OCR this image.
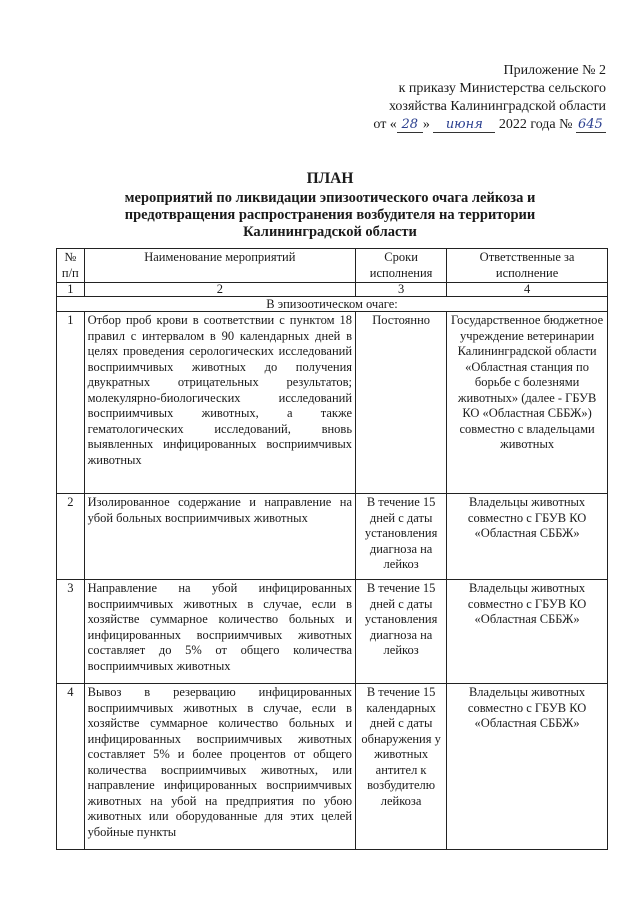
Приложение № 2
к приказу Министерства сельского
хозяйства Калининградской области
от « 28 » июня 2022 года № 645
ПЛАН
мероприятий по ликвидации эпизоотического очага лейкоза и
предотвращения распространения возбудителя на территории
Калининградской области
№ п/п	Наименование мероприятий	Сроки исполнения	Ответственные за исполнение
1	2	3	4
В эпизоотическом очаге:			
1	Отбор проб крови в соответствии с пунктом 18 правил с интервалом в 90 календарных дней в целях проведения серологических исследований восприимчивых животных до получения двукратных отрицательных результатов; молекулярно-биологических исследований восприимчивых животных, а также гематологических исследований, вновь выявленных инфицированных восприимчивых животных	Постоянно	Государственное бюджетное учреждение ветеринарии Калининградской области «Областная станция по борьбе с болезнями животных» (далее - ГБУВ КО «Областная СББЖ») совместно с владельцами животных
2	Изолированное содержание и направление на убой больных восприимчивых животных	В течение 15 дней с даты установления диагноза на лейкоз	Владельцы животных совместно с ГБУВ КО «Областная СББЖ»
3	Направление на убой инфицированных восприимчивых животных в случае, если в хозяйстве суммарное количество больных и инфицированных восприимчивых животных составляет до 5% от общего количества восприимчивых животных	В течение 15 дней с даты установления диагноза на лейкоз	Владельцы животных совместно с ГБУВ КО «Областная СББЖ»
4	Вывоз в резервацию инфицированных восприимчивых животных в случае, если в хозяйстве суммарное количество больных и инфицированных восприимчивых животных составляет 5% и более процентов от общего количества восприимчивых животных, или направление инфицированных восприимчивых животных на убой на предприятия по убою животных или оборудованные для этих целей убойные пункты	В течение 15 календарных дней с даты обнаружения у животных антител к возбудителю лейкоза	Владельцы животных совместно с ГБУВ КО «Областная СББЖ»
